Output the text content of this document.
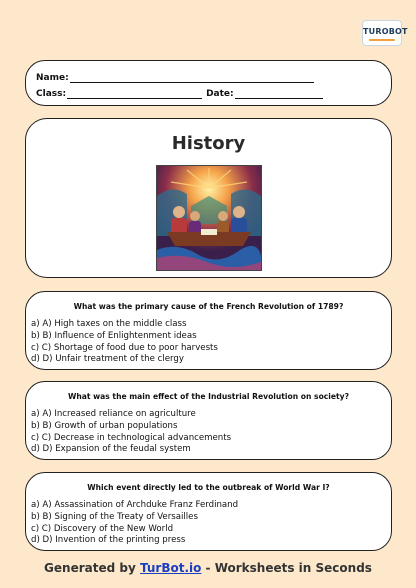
TUROBOT
Name:
Class:	Date:
History
What was the primary cause of the French Revolution of 1789?
a) A) High taxes on the middle class
b) B) Influence of Enlightenment ideas
c) C) Shortage of food due to poor harvests
d) D) Unfair treatment of the clergy
What was the main effect of the Industrial Revolution on society?
a) A) Increased reliance on agriculture
b) B) Growth of urban populations
c) C) Decrease in technological advancements
d) D) Expansion of the feudal system
Which event directly led to the outbreak of World War I?
a) A) Assassination of Archduke Franz Ferdinand
b) B) Signing of the Treaty of Versailles
c) C) Discovery of the New World
d) D) Invention of the printing press
Generated by TurBot.io - Worksheets in Seconds
